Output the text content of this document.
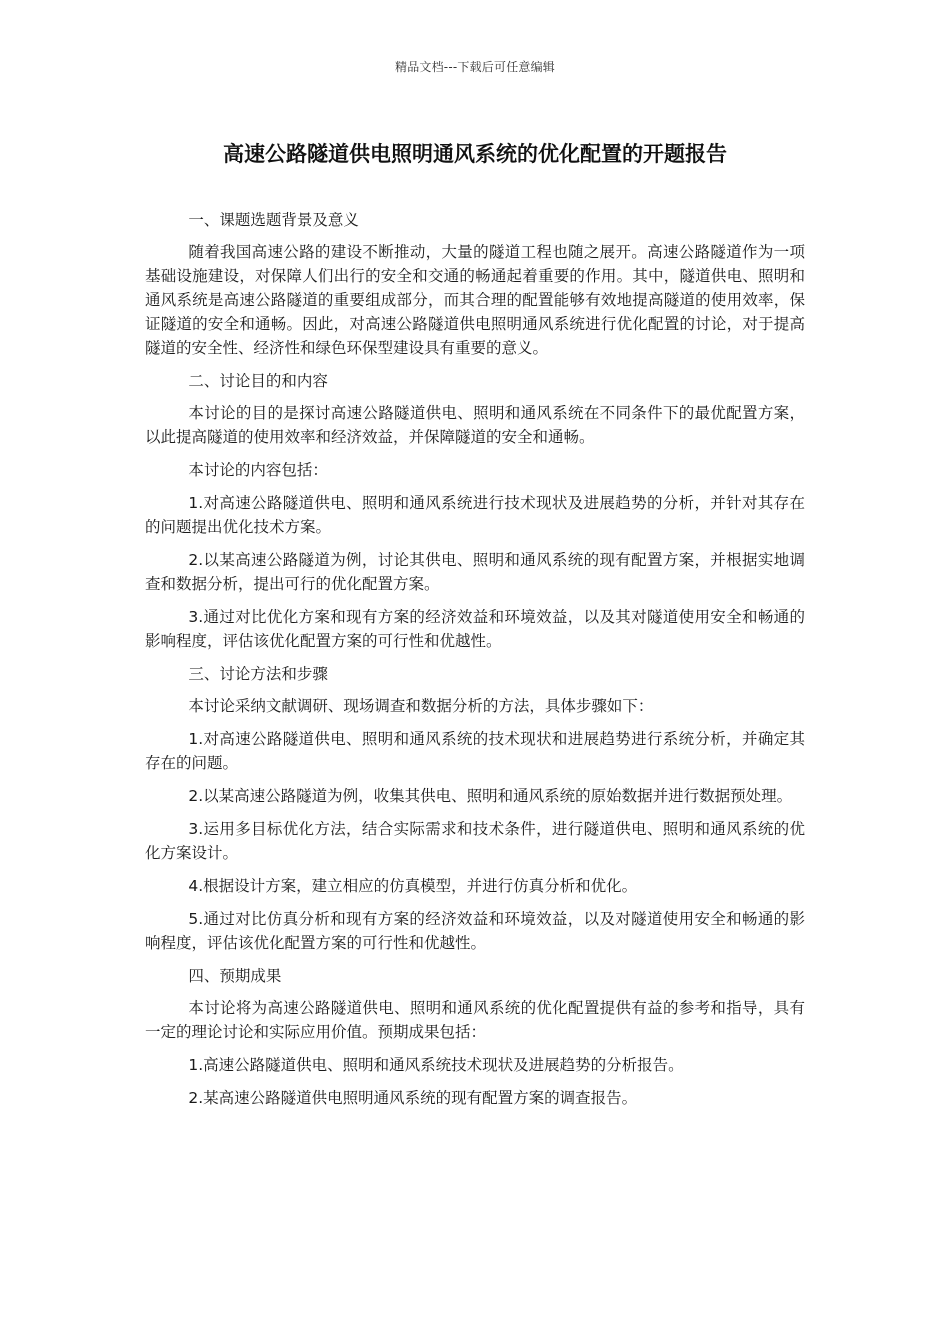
精品文档---下载后可任意编辑
高速公路隧道供电照明通风系统的优化配置的开题报告

一、课题选题背景及意义

随着我国高速公路的建设不断推动，大量的隧道工程也随之展开。高速公路隧道作为一项基础设施建设，对保障人们出行的安全和交通的畅通起着重要的作用。其中，隧道供电、照明和通风系统是高速公路隧道的重要组成部分，而其合理的配置能够有效地提高隧道的使用效率，保证隧道的安全和通畅。因此，对高速公路隧道供电照明通风系统进行优化配置的讨论，对于提高隧道的安全性、经济性和绿色环保型建设具有重要的意义。

二、讨论目的和内容

本讨论的目的是探讨高速公路隧道供电、照明和通风系统在不同条件下的最优配置方案，以此提高隧道的使用效率和经济效益，并保障隧道的安全和通畅。

本讨论的内容包括：

1.对高速公路隧道供电、照明和通风系统进行技术现状及进展趋势的分析，并针对其存在的问题提出优化技术方案。

2.以某高速公路隧道为例，讨论其供电、照明和通风系统的现有配置方案，并根据实地调查和数据分析，提出可行的优化配置方案。

3.通过对比优化方案和现有方案的经济效益和环境效益，以及其对隧道使用安全和畅通的影响程度，评估该优化配置方案的可行性和优越性。

三、讨论方法和步骤

本讨论采纳文献调研、现场调查和数据分析的方法，具体步骤如下：

1.对高速公路隧道供电、照明和通风系统的技术现状和进展趋势进行系统分析，并确定其存在的问题。

2.以某高速公路隧道为例，收集其供电、照明和通风系统的原始数据并进行数据预处理。

3.运用多目标优化方法，结合实际需求和技术条件，进行隧道供电、照明和通风系统的优化方案设计。

4.根据设计方案，建立相应的仿真模型，并进行仿真分析和优化。

5.通过对比仿真分析和现有方案的经济效益和环境效益，以及对隧道使用安全和畅通的影响程度，评估该优化配置方案的可行性和优越性。

四、预期成果

本讨论将为高速公路隧道供电、照明和通风系统的优化配置提供有益的参考和指导，具有一定的理论讨论和实际应用价值。预期成果包括：

1.高速公路隧道供电、照明和通风系统技术现状及进展趋势的分析报告。

2.某高速公路隧道供电照明通风系统的现有配置方案的调查报告。
